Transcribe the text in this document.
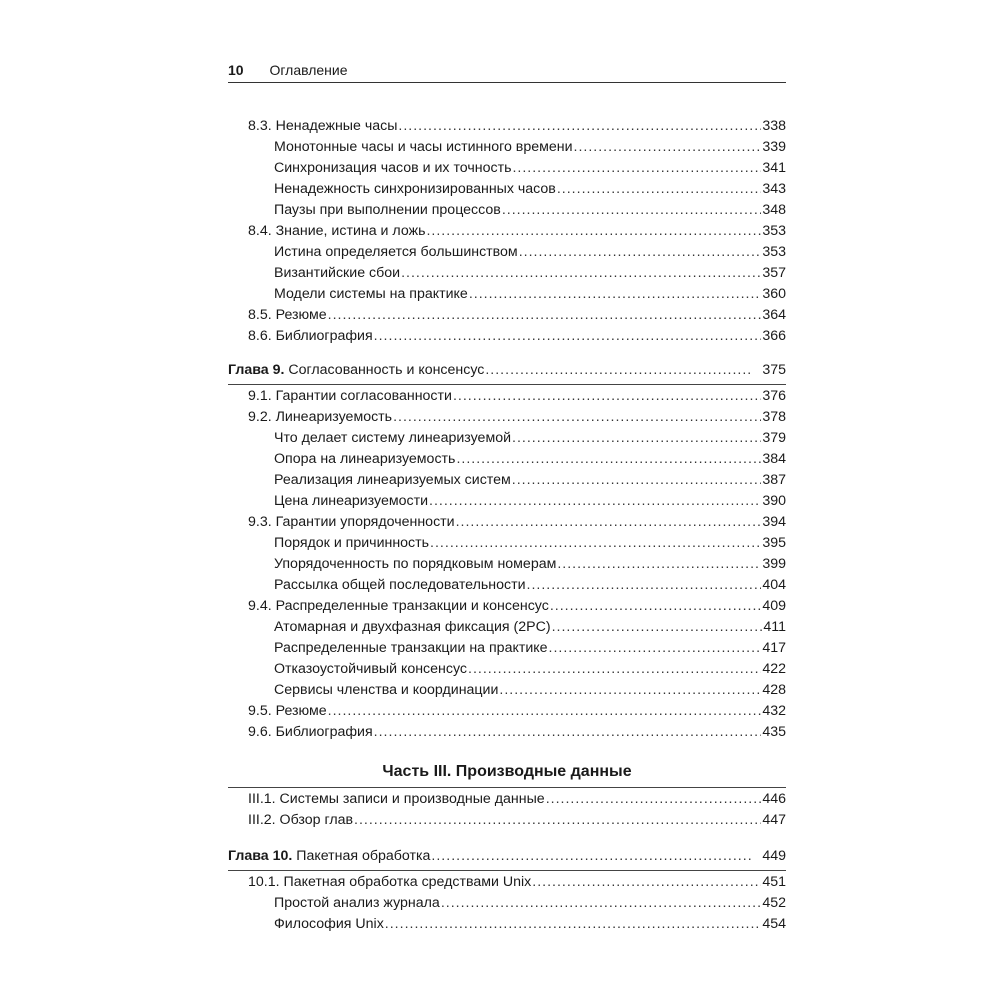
10 Оглавление
8.3. Ненадежные часы .....	338
Монотонные часы и часы истинного времени .....	339
Синхронизация часов и их точность .....	341
Ненадежность синхронизированных часов .....	343
Паузы при выполнении процессов .....	348
8.4. Знание, истина и ложь .....	353
Истина определяется большинством .....	353
Византийские сбои .....	357
Модели системы на практике .....	360
8.5. Резюме .....	364
8.6. Библиография .....	366
Глава 9. Согласованность и консенсус .....	375
9.1. Гарантии согласованности .....	376
9.2. Линеаризуемость .....	378
Что делает систему линеаризуемой .....	379
Опора на линеаризуемость .....	384
Реализация линеаризуемых систем .....	387
Цена линеаризуемости .....	390
9.3. Гарантии упорядоченности .....	394
Порядок и причинность .....	395
Упорядоченность по порядковым номерам .....	399
Рассылка общей последовательности .....	404
9.4. Распределенные транзакции и консенсус .....	409
Атомарная и двухфазная фиксация (2PC) .....	411
Распределенные транзакции на практике .....	417
Отказоустойчивый консенсус .....	422
Сервисы членства и координации .....	428
9.5. Резюме .....	432
9.6. Библиография .....	435
Часть III. Производные данные
III.1. Системы записи и производные данные .....	446
III.2. Обзор глав .....	447
Глава 10. Пакетная обработка .....	449
10.1. Пакетная обработка средствами Unix .....	451
Простой анализ журнала .....	452
Философия Unix .....	454
